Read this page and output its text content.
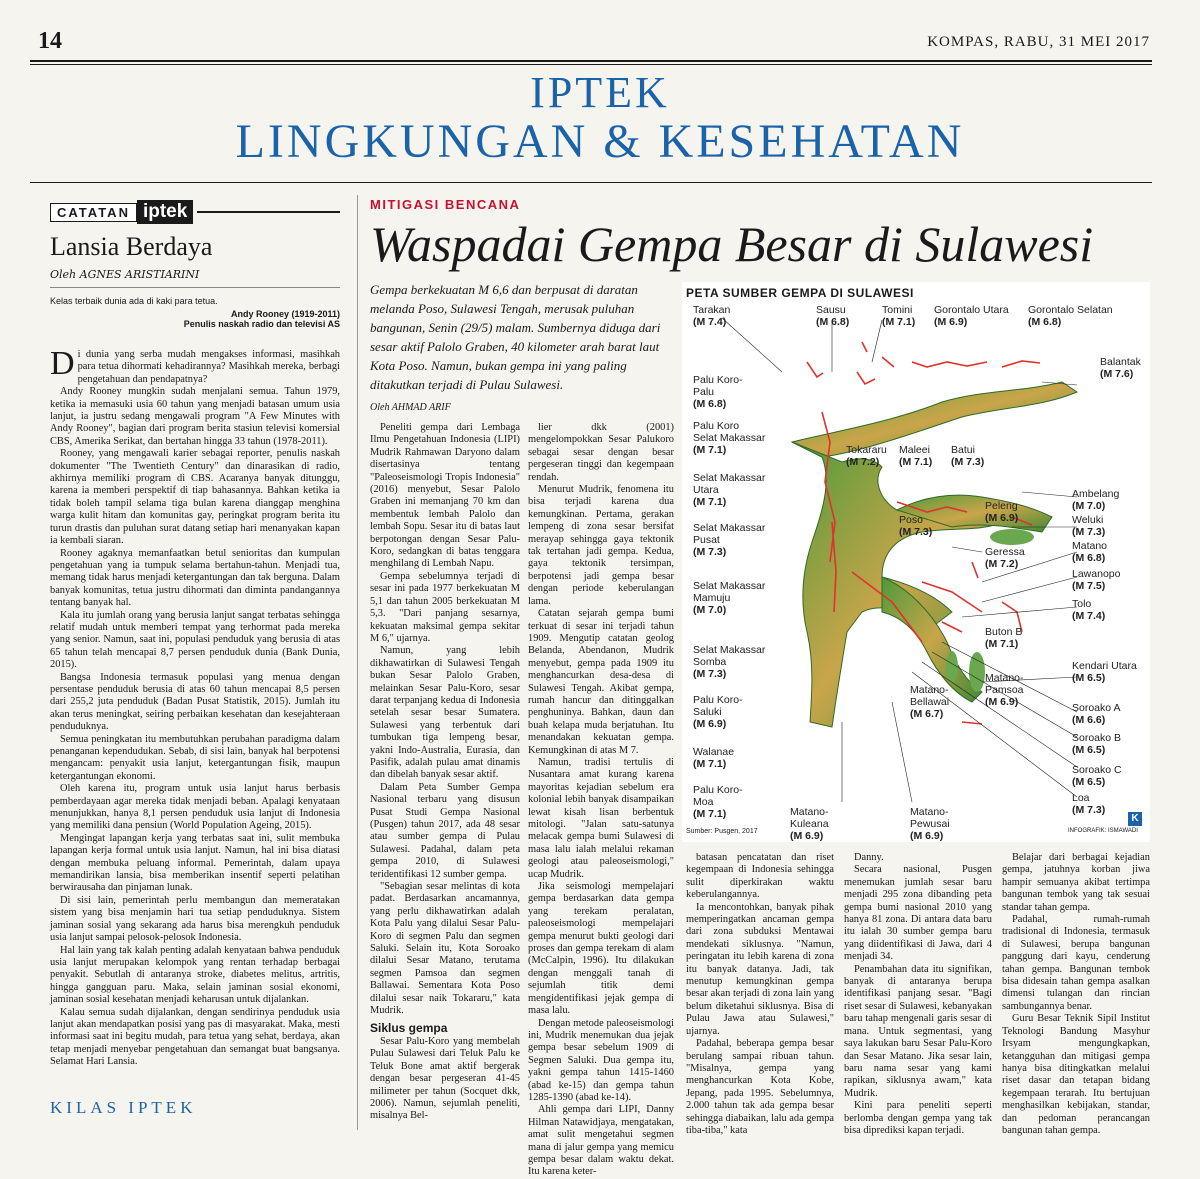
14	KOMPAS, RABU, 31 MEI 2017
IPTEK
LINGKUNGAN & KESEHATAN
CATATAN iptek
Lansia Berdaya
Oleh AGNES ARISTIARINI
Kelas terbaik dunia ada di kaki para tetua.
Andy Rooney (1919-2011)
Penulis naskah radio dan televisi AS

Di dunia yang serba mudah mengakses informasi, masihkah para tetua dihormati kehadirannya? Masihkah mereka, berbagi pengetahuan dan pendapatnya?

Andy Rooney mungkin sudah menjalani semua. Tahun 1979, ketika ia memasuki usia 60 tahun yang menjadi batasan umum usia lanjut, ia justru sedang mengawali program "A Few Minutes with Andy Rooney", bagian dari program berita stasiun televisi komersial CBS, Amerika Serikat, dan bertahan hingga 33 tahun (1978-2011).

Rooney, yang mengawali karier sebagai reporter, penulis naskah dokumenter "The Twentieth Century" dan dinarasikan di radio, akhirnya memiliki program di CBS. Acaranya banyak ditunggu, karena ia memberi perspektif di tiap bahasannya. Bahkan ketika ia tidak boleh tampil selama tiga bulan karena dianggap menghina warga kulit hitam dan komunitas gay, peringkat program berita itu turun drastis dan puluhan surat datang setiap hari menanyakan kapan ia kembali siaran.

Rooney agaknya memanfaatkan betul senioritas dan kumpulan pengetahuan yang ia tumpuk selama bertahun-tahun. Menjadi tua, memang tidak harus menjadi ketergantungan dan tak berguna. Dalam banyak komunitas, tetua justru dihormati dan diminta pandangannya tentang banyak hal.

Kala itu jumlah orang yang berusia lanjut sangat terbatas sehingga relatif mudah untuk memberi tempat yang terhormat pada mereka yang senior. Namun, saat ini, populasi penduduk yang berusia di atas 65 tahun telah mencapai 8,7 persen penduduk dunia (Bank Dunia, 2015).

Bangsa Indonesia termasuk populasi yang menua dengan persentase penduduk berusia di atas 60 tahun mencapai 8,5 persen dari 255,2 juta penduduk (Badan Pusat Statistik, 2015). Jumlah itu akan terus meningkat, seiring perbaikan kesehatan dan kesejahteraan penduduknya.

Semua peningkatan itu membutuhkan perubahan paradigma dalam penanganan kependudukan. Sebab, di sisi lain, banyak hal berpotensi mengancam: penyakit usia lanjut, ketergantungan fisik, maupun ketergantungan ekonomi.

Oleh karena itu, program untuk usia lanjut harus berbasis pemberdayaan agar mereka tidak menjadi beban. Apalagi kenyataan menunjukkan, hanya 8,1 persen penduduk usia lanjut di Indonesia yang memiliki dana pensiun (World Population Ageing, 2015).

Mengingat lapangan kerja yang terbatas saat ini, sulit membuka lapangan kerja formal untuk usia lanjut. Namun, hal ini bisa diatasi dengan membuka peluang informal. Pemerintah, dalam upaya memandirikan lansia, bisa memberikan insentif seperti pelatihan berwirausaha dan pinjaman lunak.

Di sisi lain, pemerintah perlu membangun dan memeratakan sistem yang bisa menjamin hari tua setiap penduduknya. Sistem jaminan sosial yang sekarang ada harus bisa merengkuh penduduk usia lanjut sampai pelosok-pelosok Indonesia.

Hal lain yang tak kalah penting adalah kenyataan bahwa penduduk usia lanjut merupakan kelompok yang rentan terhadap berbagai penyakit. Sebutlah di antaranya stroke, diabetes melitus, artritis, hingga gangguan paru. Maka, selain jaminan sosial ekonomi, jaminan sosial kesehatan menjadi keharusan untuk dijalankan.

Kalau semua sudah dijalankan, dengan sendirinya penduduk usia lanjut akan mendapatkan posisi yang pas di masyarakat. Maka, mesti informasi saat ini begitu mudah, para tetua yang sehat, berdaya, akan tetap menjadi menyebar pengetahuan dan semangat buat bangsanya. Selamat Hari Lansia.

KILAS IPTEK
MITIGASI BENCANA
Waspadai Gempa Besar di Sulawesi
Gempa berkekuatan M 6,6 dan berpusat di daratan melanda Poso, Sulawesi Tengah, merusak puluhan bangunan, Senin (29/5) malam. Sumbernya diduga dari sesar aktif Palolo Graben, 40 kilometer arah barat laut Kota Poso. Namun, bukan gempa ini yang paling ditakutkan terjadi di Pulau Sulawesi.
Oleh AHMAD ARIF

Peneliti gempa dari Lembaga Ilmu Pengetahuan Indonesia (LIPI) Mudrik Rahmawan Daryono dalam disertasinya tentang "Paleoseismologi Tropis Indonesia" (2016) menyebut, Sesar Palolo Graben ini memanjang 70 km dan membentuk lembah Palolo dan lembah Sopu. Sesar itu di batas laut berpotongan dengan Sesar Palu-Koro, sedangkan di batas tenggara menghilang di Lembah Napu.

Gempa sebelumnya terjadi di sesar ini pada 1977 berkekuatan M 5,1 dan tahun 2005 berkekuatan M 5,3. "Dari panjang sesarnya, kekuatan maksimal gempa sekitar M 6," ujarnya.

Namun, yang lebih dikhawatirkan di Sulawesi Tengah bukan Sesar Palolo Graben, melainkan Sesar Palu-Koro, sesar darat terpanjang kedua di Indonesia setelah sesar besar Sumatera. Sulawesi yang terbentuk dari tumbukan tiga lempeng besar, yakni Indo-Australia, Eurasia, dan Pasifik, adalah pulau amat dinamis dan dibelah banyak sesar aktif.

Dalam Peta Sumber Gempa Nasional terbaru yang disusun Pusat Studi Gempa Nasional (Pusgen) tahun 2017, ada 48 sesar atau sumber gempa di Pulau Sulawesi. Padahal, dalam peta gempa 2010, di Sulawesi teridentifikasi 12 sumber gempa.

"Sebagian sesar melintas di kota padat. Berdasarkan ancamannya, yang perlu dikhawatirkan adalah Kota Palu yang dilalui Sesar Palu-Koro di segmen Palu dan segmen Saluki. Selain itu, Kota Soroako dilalui Sesar Matano, terutama segmen Pamsoa dan segmen Ballawai. Sementara Kota Poso dilalui sesar naik Tokararu," kata Mudrik.

Siklus gempa

Sesar Palu-Koro yang membelah Pulau Sulawesi dari Teluk Palu ke Teluk Bone amat aktif bergerak dengan besar pergeseran 41-45 milimeter per tahun (Socquet dkk, 2006). Namun, sejumlah peneliti, misalnya Bel-

lier dkk (2001) mengelompokkan Sesar Palukoro sebagai sesar dengan besar pergeseran tinggi dan kegempaan rendah.

Menurut Mudrik, fenomena itu bisa terjadi karena dua kemungkinan. Pertama, gerakan lempeng di zona sesar bersifat merayap sehingga gaya tektonik tak tertahan jadi gempa. Kedua, gaya tektonik tersimpan, berpotensi jadi gempa besar dengan periode keberulangan lama.

Catatan sejarah gempa bumi terkuat di sesar ini terjadi tahun 1909. Mengutip catatan geolog Belanda, Abendanon, Mudrik menyebut, gempa pada 1909 itu menghancurkan desa-desa di Sulawesi Tengah. Akibat gempa, rumah hancur dan ditinggalkan penghuninya. Bahkan, daun dan buah kelapa muda berjatuhan. Itu menandakan kekuatan gempa. Kemungkinan di atas M 7.

Namun, tradisi tertulis di Nusantara amat kurang karena mayoritas kejadian sebelum era kolonial lebih banyak disampaikan lewat kisah lisan berbentuk mitologi. "Jalan satu-satunya melacak gempa bumi Sulawesi di masa lalu ialah melalui rekaman geologi atau paleoseismologi," ucap Mudrik.

Jika seismologi mempelajari gempa berdasarkan data gempa yang terekam peralatan, paleoseismologi mempelajari gempa menurut bukti geologi dari proses dan gempa terekam di alam (McCalpin, 1996). Itu dilakukan dengan menggali tanah di sejumlah titik demi mengidentifikasi jejak gempa di masa lalu.

Dengan metode paleoseismologi ini, Mudrik menemukan dua jejak gempa besar sebelum 1909 di Segmen Saluki. Dua gempa itu, yakni gempa tahun 1415-1460 (abad ke-15) dan gempa tahun 1285-1390 (abad ke-14).

Ahli gempa dari LIPI, Danny Hilman Natawidjaya, mengatakan, amat sulit mengetahui segmen mana di jalur gempa yang memicu gempa besar dalam waktu dekat. Itu karena keter-

batasan pencatatan dan riset kegempaan di Indonesia sehingga sulit diperkirakan waktu keberulangannya.

Ia mencontohkan, banyak pihak memperingatkan ancaman gempa dari zona subduksi Mentawai mendekati siklusnya. "Namun, peringatan itu lebih karena di zona itu banyak datanya. Jadi, tak menutup kemungkinan gempa besar akan terjadi di zona lain yang belum diketahui siklusnya. Bisa di Pulau Jawa atau Sulawesi," ujarnya.

Padahal, beberapa gempa besar berulang sampai ribuan tahun. "Misalnya, gempa yang menghancurkan Kota Kobe, Jepang, pada 1995. Sebelumnya, 2.000 tahun tak ada gempa besar sehingga diabaikan, lalu ada gempa tiba-tiba," kata

Danny.

Secara nasional, Pusgen menemukan jumlah sesar baru menjadi 295 zona dibanding peta gempa bumi nasional 2010 yang hanya 81 zona. Di antara data baru itu ialah 30 sumber gempa baru yang diidentifikasi di Jawa, dari 4 menjadi 34.

Penambahan data itu signifikan, banyak di antaranya berupa identifikasi panjang sesar. "Bagi riset sesar di Sulawesi, kebanyakan baru tahap mengenali garis sesar di mana. Untuk segmentasi, yang saya lakukan baru Sesar Palu-Koro dan Sesar Matano. Jika sesar lain, baru nama sesar yang kami rapikan, siklusnya awam," kata Mudrik.

Kini para peneliti seperti berlomba dengan gempa yang tak bisa diprediksi kapan terjadi.

Belajar dari berbagai kejadian gempa, jatuhnya korban jiwa hampir semuanya akibat tertimpa bangunan tembok yang tak sesuai standar tahan gempa.

Padahal, rumah-rumah tradisional di Indonesia, termasuk di Sulawesi, berupa bangunan panggung dari kayu, cenderung tahan gempa. Bangunan tembok bisa didesain tahan gempa asalkan dimensi tulangan dan rincian sambungannya benar.

Guru Besar Teknik Sipil Institut Teknologi Bandung Masyhur Irsyam mengungkapkan, ketangguhan dan mitigasi gempa hanya bisa ditingkatkan melalui riset dasar dan tetapan bidang kegempaan terarah. Itu bertujuan menghasilkan kebijakan, standar, dan pedoman perancangan bangunan tahan gempa.

PETA SUMBER GEMPA DI SULAWESI
Tarakan
(M 7.4)
Sausu
(M 6.8)
Tomini
(M 7.1)
Gorontalo Utara
(M 6.9)
Gorontalo Selatan
(M 6.8)
Balantak
(M 7.6)
Palu Koro-
Palu
(M 6.8)
Palu Koro
Selat Makassar
(M 7.1)	Tokararu
(M 7.2)
Maleei
(M 7.1)
Batui
(M 7.3)
Selat Makassar
Utara
(M 7.1)
Ambelang
(M 7.0)
Peleng
(M 6.9)	Weluki
(M 7.3)
Poso
(M 7.3)
Selat Makassar
Pusat
(M 7.3)	Matano
(M 6.8)
Geressa
(M 7.2)
Lawanopo
(M 7.5)
Selat Makassar
Mamuju
(M 7.0)	Tolo
(M 7.4)
Buton B
(M 7.1)
Selat Makassar
Somba
(M 7.3)
Kendari Utara
(M 6.5)
Matano-
Bellawai
(M 6.7)
Matano-
Pamsoa
(M 6.9)
Palu Koro-
Saluki
(M 6.9)
Soroako A
(M 6.6)
Walanae
(M 7.1)
Soroako B
(M 6.5)
Soroako C
(M 6.5)
Palu Koro-
Moa
(M 7.1)
Loa
(M 7.3)
Matano-
Kuleana
(M 6.9)
Matano-
Pewusai
(M 6.9)
Sumber: Pusgen, 2017	INFOGRAFIK: ISMAWADI
K
